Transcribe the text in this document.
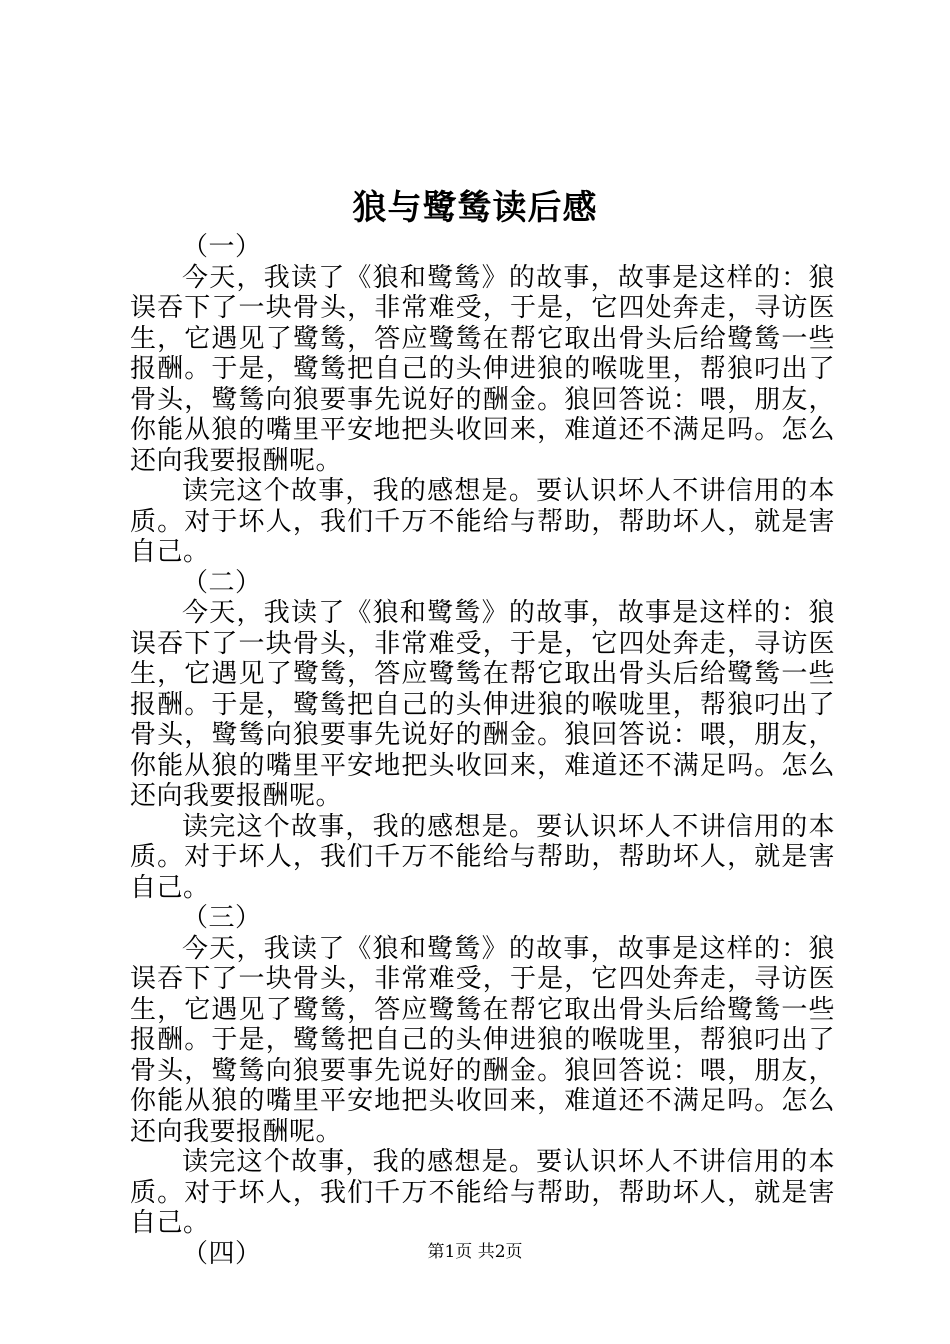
狼与鹭鸶读后感

（一）

今天，我读了《狼和鹭鸶》的故事，故事是这样的：狼误吞下了一块骨头，非常难受，于是，它四处奔走，寻访医生，它遇见了鹭鸶，答应鹭鸶在帮它取出骨头后给鹭鸶一些报酬。于是，鹭鸶把自己的头伸进狼的喉咙里，帮狼叼出了骨头，鹭鸶向狼要事先说好的酬金。狼回答说：喂，朋友，你能从狼的嘴里平安地把头收回来，难道还不满足吗。怎么还向我要报酬呢。

读完这个故事，我的感想是。要认识坏人不讲信用的本质。对于坏人，我们千万不能给与帮助，帮助坏人，就是害自己。

（二）

今天，我读了《狼和鹭鸶》的故事，故事是这样的：狼误吞下了一块骨头，非常难受，于是，它四处奔走，寻访医生，它遇见了鹭鸶，答应鹭鸶在帮它取出骨头后给鹭鸶一些报酬。于是，鹭鸶把自己的头伸进狼的喉咙里，帮狼叼出了骨头，鹭鸶向狼要事先说好的酬金。狼回答说：喂，朋友，你能从狼的嘴里平安地把头收回来，难道还不满足吗。怎么还向我要报酬呢。

读完这个故事，我的感想是。要认识坏人不讲信用的本质。对于坏人，我们千万不能给与帮助，帮助坏人，就是害自己。

（三）

今天，我读了《狼和鹭鸶》的故事，故事是这样的：狼误吞下了一块骨头，非常难受，于是，它四处奔走，寻访医生，它遇见了鹭鸶，答应鹭鸶在帮它取出骨头后给鹭鸶一些报酬。于是，鹭鸶把自己的头伸进狼的喉咙里，帮狼叼出了骨头，鹭鸶向狼要事先说好的酬金。狼回答说：喂，朋友，你能从狼的嘴里平安地把头收回来，难道还不满足吗。怎么还向我要报酬呢。

读完这个故事，我的感想是。要认识坏人不讲信用的本质。对于坏人，我们千万不能给与帮助，帮助坏人，就是害自己。

（四）	第1页 共2页
